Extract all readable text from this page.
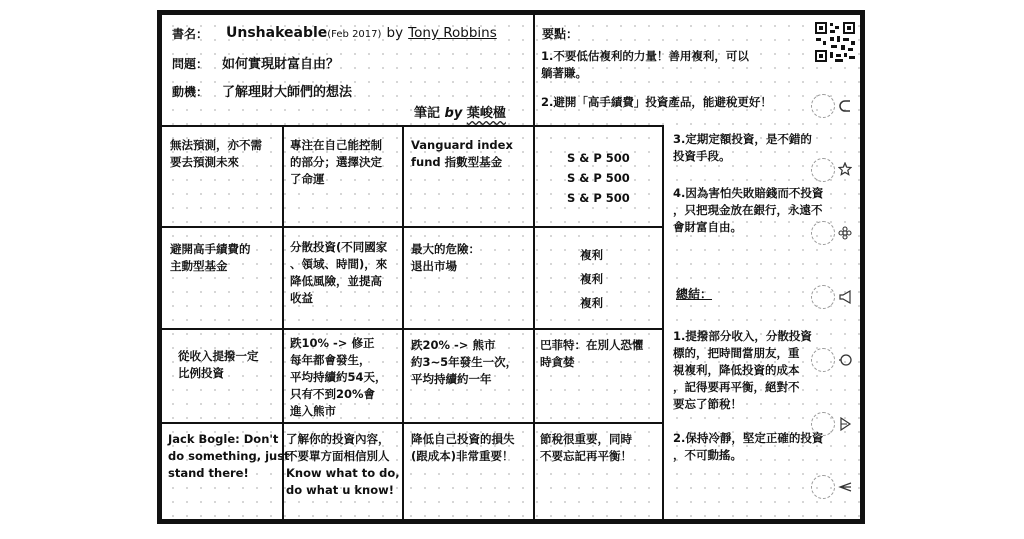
書名： Unshakeable(Feb 2017) by Tony Robbins
問題： 如何實現財富自由？
動機： 了解理財大師們的想法
筆記 by 葉峻楹
要點：
1.不要低估複利的力量！善用複利，可以
躺著賺。
2.避開「高手績費」投資產品，能避稅更好！
3.定期定額投資，是不錯的
投資手段。
4.因為害怕失敗賠錢而不投資
，只把現金放在銀行，永遠不
會財富自由。
總結：
1.提撥部分收入，分散投資
標的，把時間當朋友，重
視複利，降低投資的成本
，記得要再平衡，絕對不
要忘了節稅！
2.保持冷靜，堅定正確的投資
，不可動搖。
無法預測，亦不需
要去預測未來
專注在自己能控制
的部分；選擇決定
了命運
Vanguard index
fund 指數型基金	S & P 500
S & P 500
S & P 500
避開高手績費的
主動型基金
分散投資(不同國家
、領域、時間)，來
降低風險，並提高
收益
最大的危險：
退出市場
複利
複利
複利
從收入提撥一定
比例投資
跌10% -> 修正
每年都會發生，
平均持續約54天，
只有不到20%會
進入熊市
跌20% -> 熊市
約3~5年發生一次，
平均持續約一年
巴菲特：在別人恐懼
時貪婪
Jack Bogle: Don't
do something, just
stand there!
了解你的投資內容，
不要單方面相信別人
Know what to do,
do what u know!
降低自己投資的損失
(跟成本)非常重要！
節稅很重要，同時
不要忘記再平衡！
